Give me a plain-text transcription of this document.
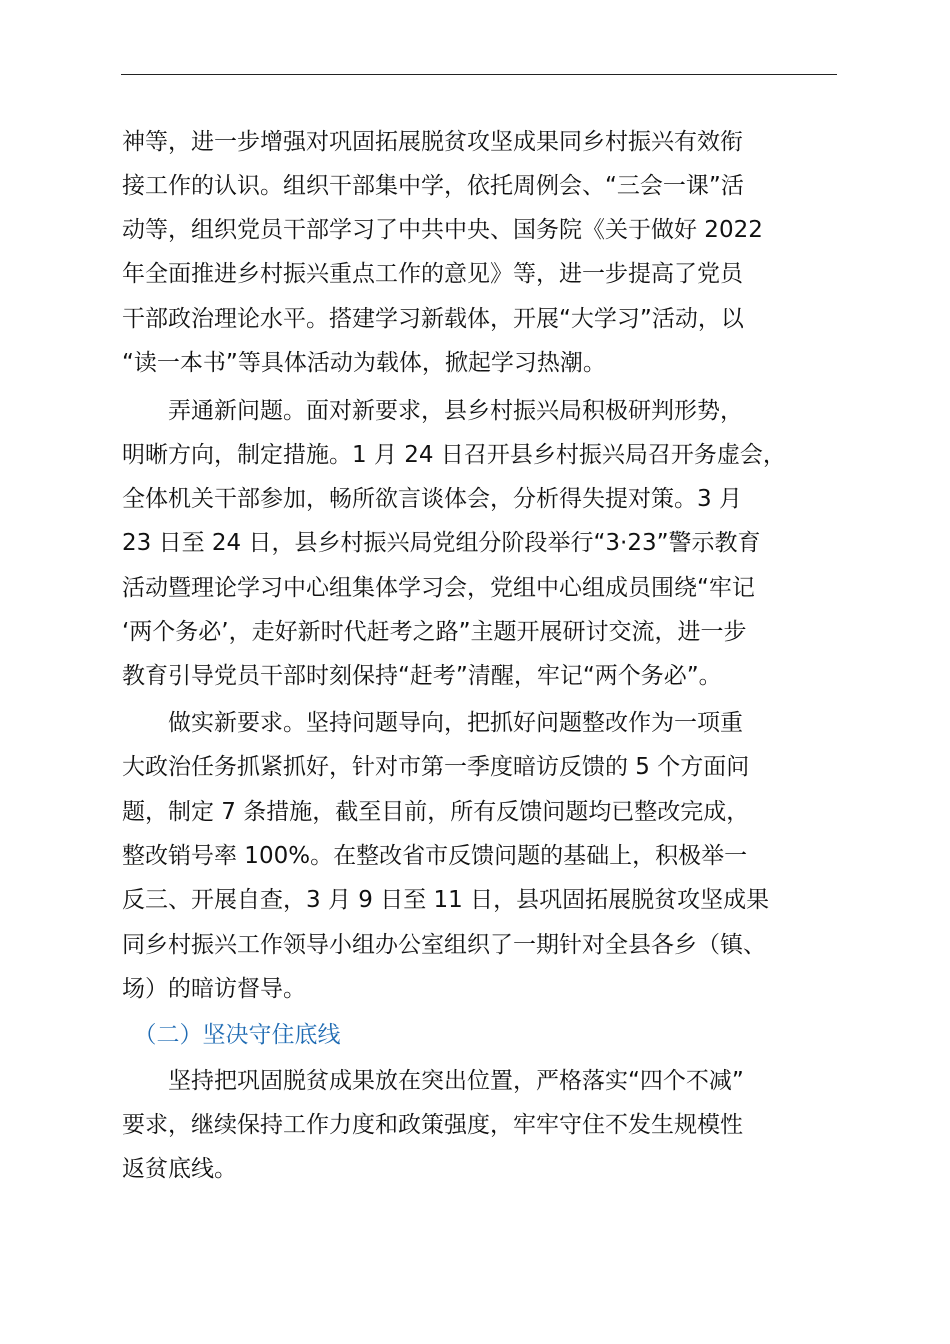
神等，进一步增强对巩固拓展脱贫攻坚成果同乡村振兴有效衔
接工作的认识。组织干部集中学，依托周例会、“三会一课”活
动等，组织党员干部学习了中共中央、国务院《关于做好 2022
年全面推进乡村振兴重点工作的意见》等，进一步提高了党员
干部政治理论水平。搭建学习新载体，开展“大学习”活动，以
“读一本书”等具体活动为载体，掀起学习热潮。
　　弄通新问题。面对新要求，县乡村振兴局积极研判形势，
明晰方向，制定措施。1 月 24 日召开县乡村振兴局召开务虚会，
全体机关干部参加，畅所欲言谈体会，分析得失提对策。3 月
23 日至 24 日，县乡村振兴局党组分阶段举行“3·23”警示教育
活动暨理论学习中心组集体学习会，党组中心组成员围绕“牢记
‘两个务必’，走好新时代赶考之路”主题开展研讨交流，进一步
教育引导党员干部时刻保持“赶考”清醒，牢记“两个务必”。
　　做实新要求。坚持问题导向，把抓好问题整改作为一项重
大政治任务抓紧抓好，针对市第一季度暗访反馈的 5 个方面问
题，制定 7 条措施，截至目前，所有反馈问题均已整改完成，
整改销号率 100%。在整改省市反馈问题的基础上，积极举一
反三、开展自查，3 月 9 日至 11 日，县巩固拓展脱贫攻坚成果
同乡村振兴工作领导小组办公室组织了一期针对全县各乡（镇、
场）的暗访督导。
　（二）坚决守住底线
　　坚持把巩固脱贫成果放在突出位置，严格落实“四个不减”
要求，继续保持工作力度和政策强度，牢牢守住不发生规模性
返贫底线。
